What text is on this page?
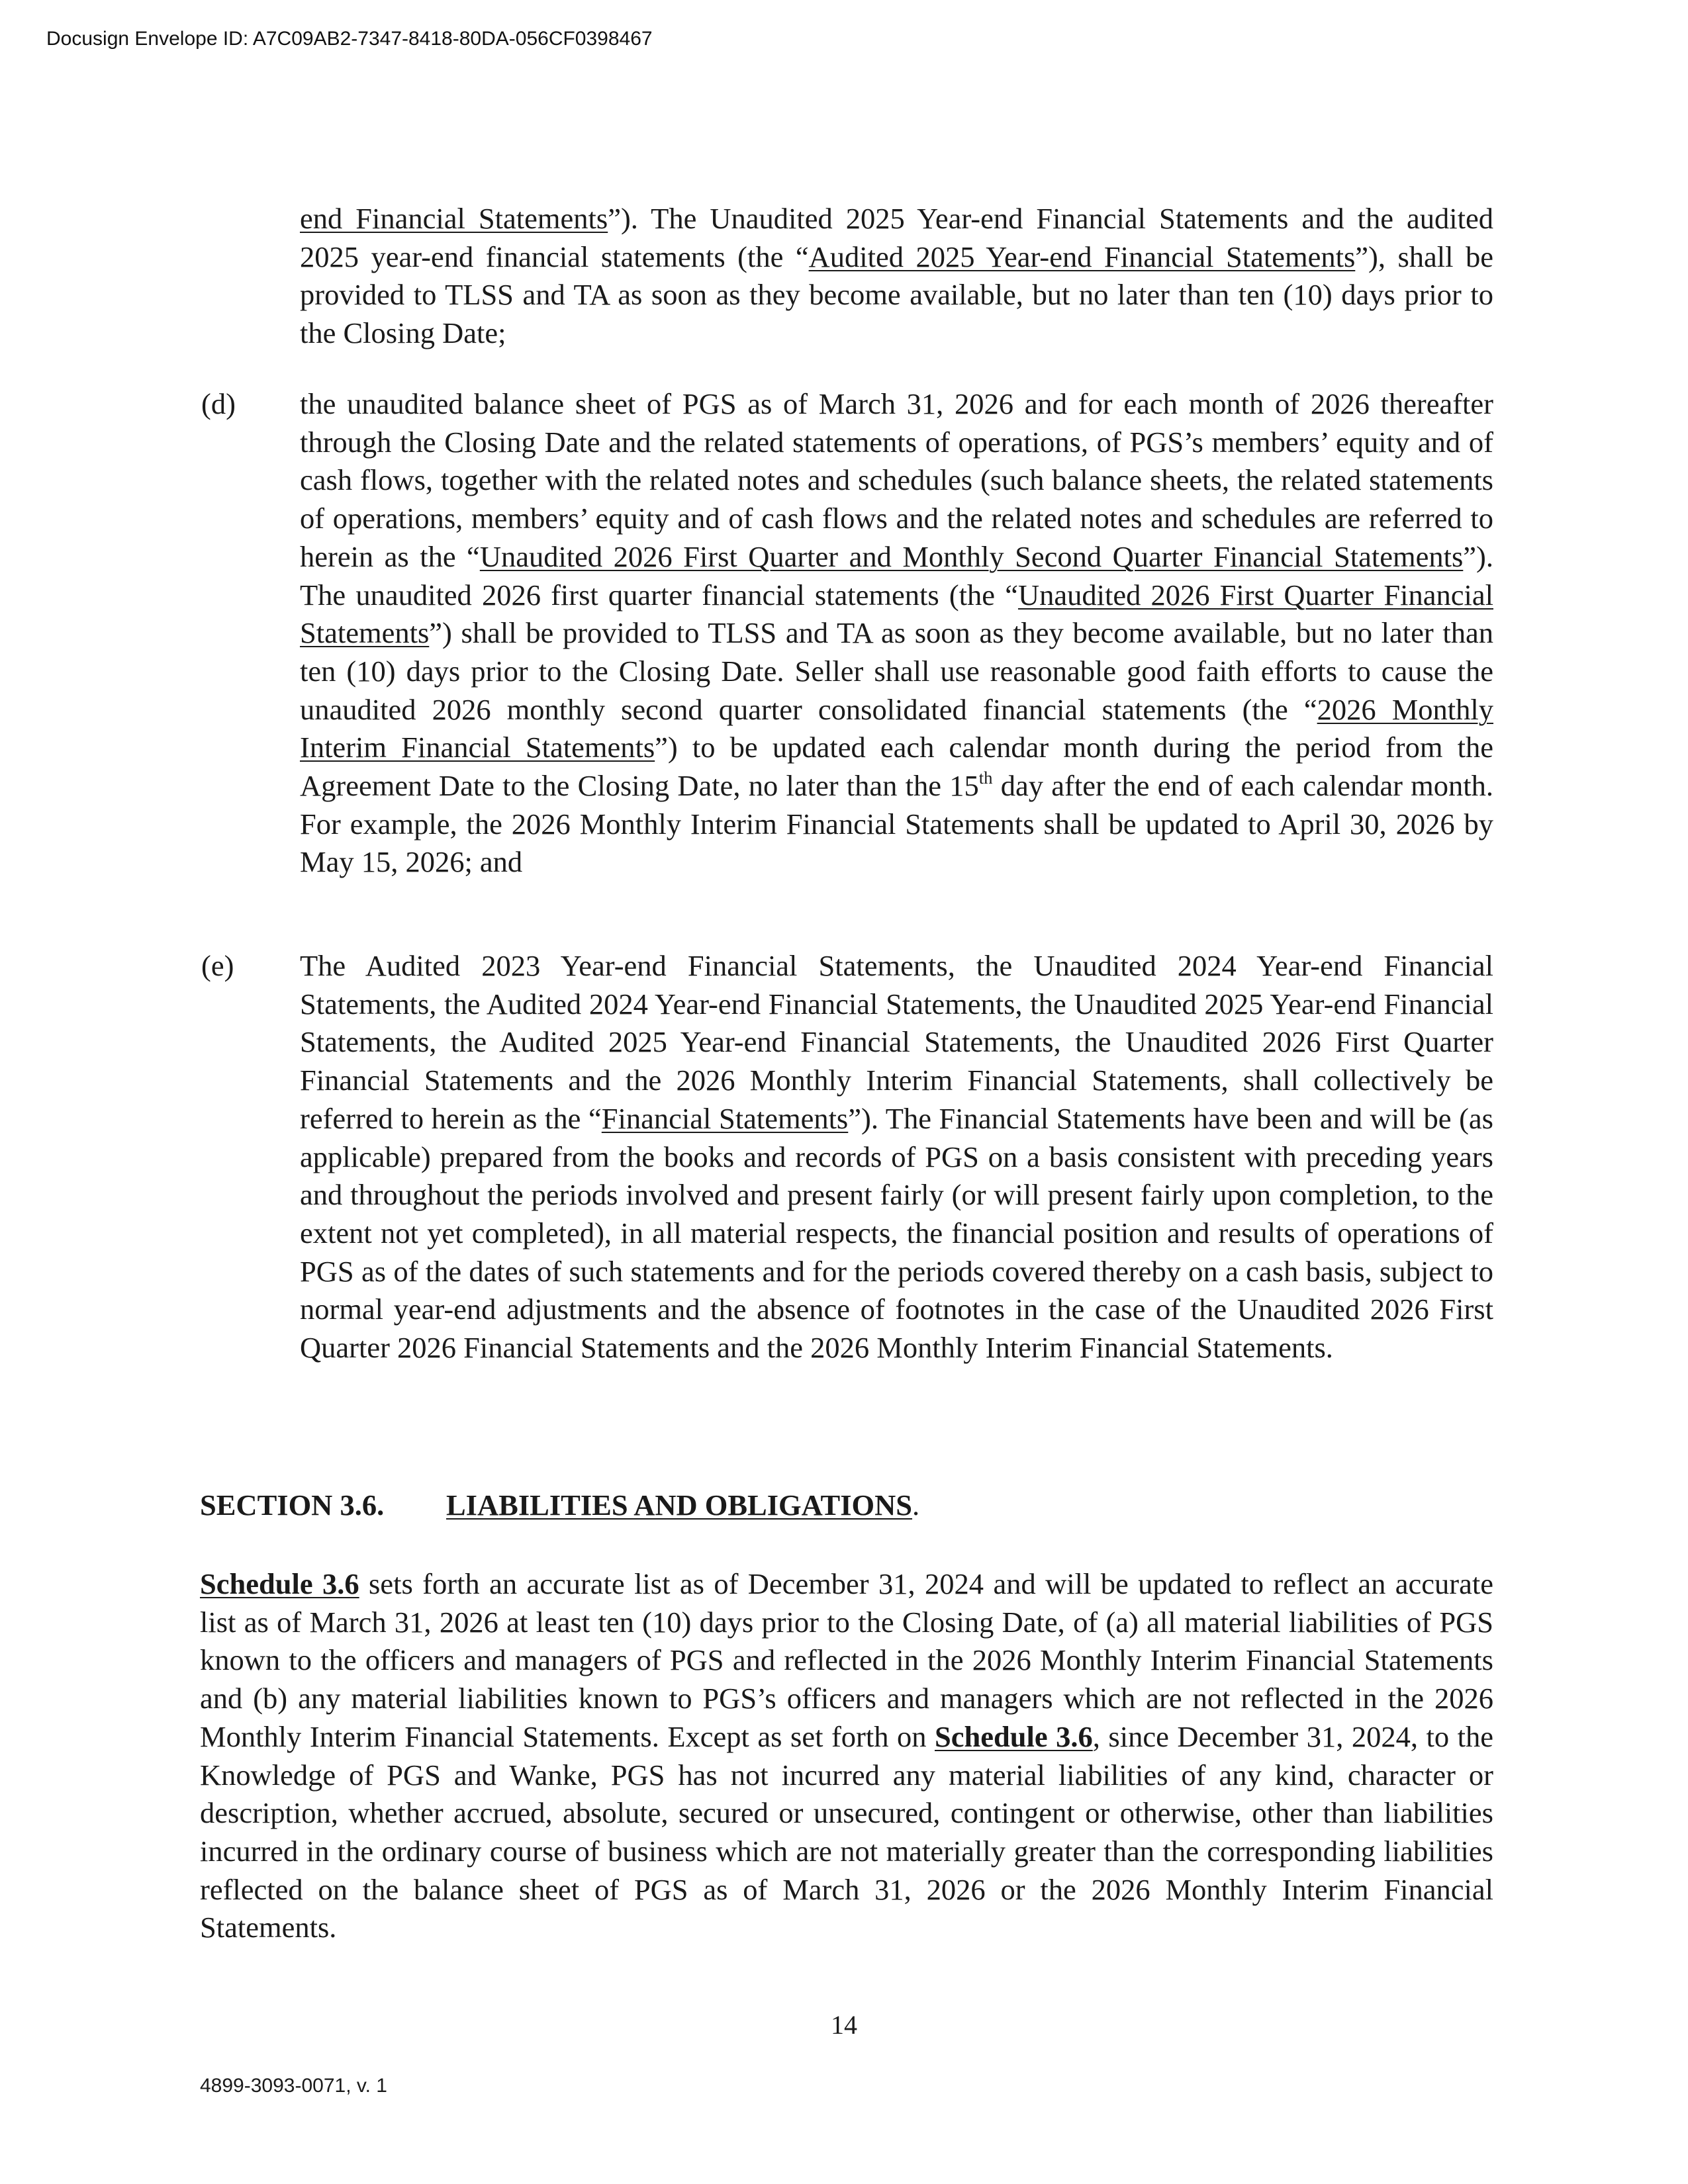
Docusign Envelope ID: A7C09AB2-7347-8418-80DA-056CF0398467
end Financial Statements”). The Unaudited 2025 Year-end Financial Statements and the audited 2025 year-end financial statements (the “Audited 2025 Year-end Financial Statements”), shall be provided to TLSS and TA as soon as they become available, but no later than ten (10) days prior to the Closing Date;
(d) the unaudited balance sheet of PGS as of March 31, 2026 and for each month of 2026 thereafter through the Closing Date and the related statements of operations, of PGS’s members’ equity and of cash flows, together with the related notes and schedules (such balance sheets, the related statements of operations, members’ equity and of cash flows and the related notes and schedules are referred to herein as the “Unaudited 2026 First Quarter and Monthly Second Quarter Financial Statements”). The unaudited 2026 first quarter financial statements (the “Unaudited 2026 First Quarter Financial Statements”) shall be provided to TLSS and TA as soon as they become available, but no later than ten (10) days prior to the Closing Date. Seller shall use reasonable good faith efforts to cause the unaudited 2026 monthly second quarter consolidated financial statements (the “2026 Monthly Interim Financial Statements”) to be updated each calendar month during the period from the Agreement Date to the Closing Date, no later than the 15th day after the end of each calendar month. For example, the 2026 Monthly Interim Financial Statements shall be updated to April 30, 2026 by May 15, 2026; and
(e) The Audited 2023 Year-end Financial Statements, the Unaudited 2024 Year-end Financial Statements, the Audited 2024 Year-end Financial Statements, the Unaudited 2025 Year-end Financial Statements, the Audited 2025 Year-end Financial Statements, the Unaudited 2026 First Quarter Financial Statements and the 2026 Monthly Interim Financial Statements, shall collectively be referred to herein as the “Financial Statements”). The Financial Statements have been and will be (as applicable) prepared from the books and records of PGS on a basis consistent with preceding years and throughout the periods involved and present fairly (or will present fairly upon completion, to the extent not yet completed), in all material respects, the financial position and results of operations of PGS as of the dates of such statements and for the periods covered thereby on a cash basis, subject to normal year-end adjustments and the absence of footnotes in the case of the Unaudited 2026 First Quarter 2026 Financial Statements and the 2026 Monthly Interim Financial Statements.
SECTION 3.6. LIABILITIES AND OBLIGATIONS.
Schedule 3.6 sets forth an accurate list as of December 31, 2024 and will be updated to reflect an accurate list as of March 31, 2026 at least ten (10) days prior to the Closing Date, of (a) all material liabilities of PGS known to the officers and managers of PGS and reflected in the 2026 Monthly Interim Financial Statements and (b) any material liabilities known to PGS’s officers and managers which are not reflected in the 2026 Monthly Interim Financial Statements. Except as set forth on Schedule 3.6, since December 31, 2024, to the Knowledge of PGS and Wanke, PGS has not incurred any material liabilities of any kind, character or description, whether accrued, absolute, secured or unsecured, contingent or otherwise, other than liabilities incurred in the ordinary course of business which are not materially greater than the corresponding liabilities reflected on the balance sheet of PGS as of March 31, 2026 or the 2026 Monthly Interim Financial Statements.
14
4899-3093-0071, v. 1
